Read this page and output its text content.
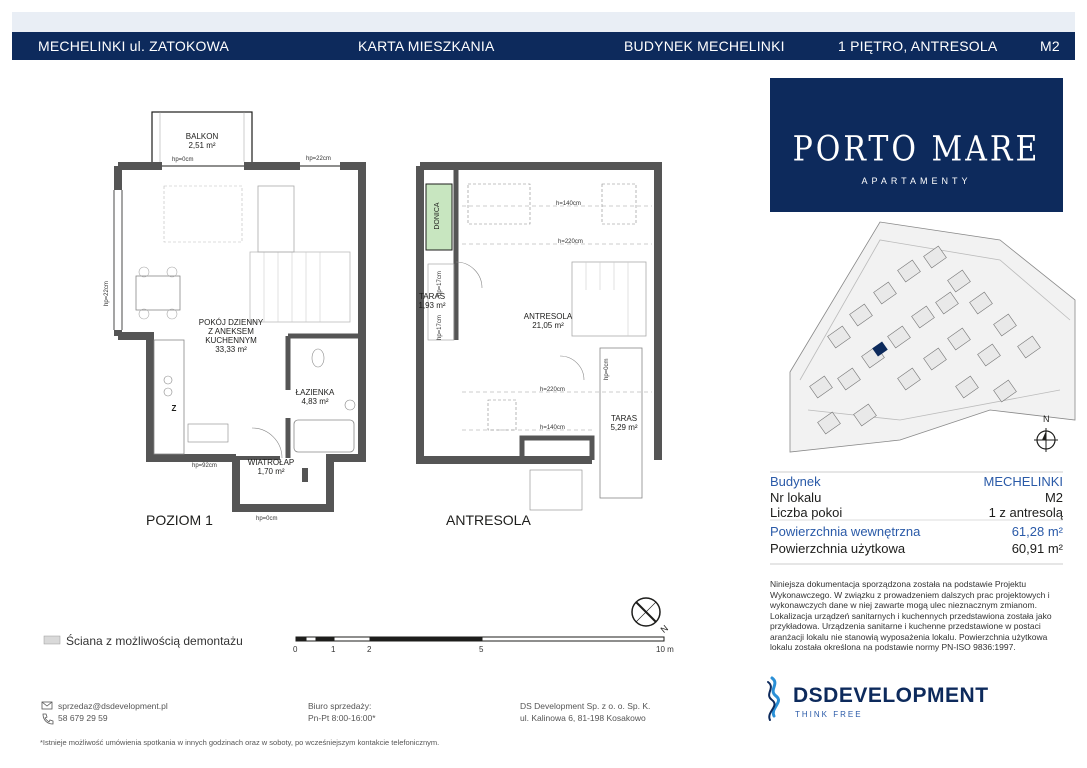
MECHELINKI ul. ZATOKOWA	KARTA MIESZKANIA	BUDYNEK MECHELINKI	1 PIĘTRO, ANTRESOLA	M2
POZIOM 1
BALKON
2,51 m²
hp=0cm	hp=22cm
hp=22cm
POKÓJ DZIENNY
Z ANEKSEM
KUCHENNYM
33,33 m²
ŁAZIENKA
4,83 m²
WIATROŁAP
1,70 m²
hp=92cm
hp=0cm
Z
ANTRESOLA
DONICA
TARAS
1,93 m²
ANTRESOLA
21,05 m²
TARAS
5,29 m²
h=140cm
h=220cm
h=220cm
h=140cm
hp=17cm
hp=17cm
hp=0cm
Ściana z możliwością demontażu
0	1	2	5	10 m
N
PORTO MARE
APARTAMENTY
N
Budynek	MECHELINKI
Nr lokalu	M2
Liczba pokoi	1 z antresolą
Powierzchnia wewnętrzna	61,28 m²
Powierzchnia użytkowa	60,91 m²
Niniejsza dokumentacja sporządzona została na podstawie Projektu Wykonawczego. W związku z prowadzeniem dalszych prac projektowych i wykonawczych dane w niej zawarte mogą ulec nieznacznym zmianom. Lokalizacja urządzeń sanitarnych i kuchennych przedstawiona została jako przykładowa. Urządzenia sanitarne i kuchenne przedstawione w postaci aranżacji lokalu nie stanowią wyposażenia lokalu. Powierzchnia użytkowa lokalu została określona na podstawie normy PN-ISO 9836:1997.
sprzedaz@dsdevelopment.pl
58 679 29 59
Biuro sprzedaży:
Pn-Pt 8:00-16:00*
DS Development Sp. z o. o. Sp. K.
ul. Kalinowa 6, 81-198 Kosakowo
DSDEVELOPMENT
THINK FREE
*Istnieje możliwość umówienia spotkania w innych godzinach oraz w soboty, po wcześniejszym kontakcie telefonicznym.
